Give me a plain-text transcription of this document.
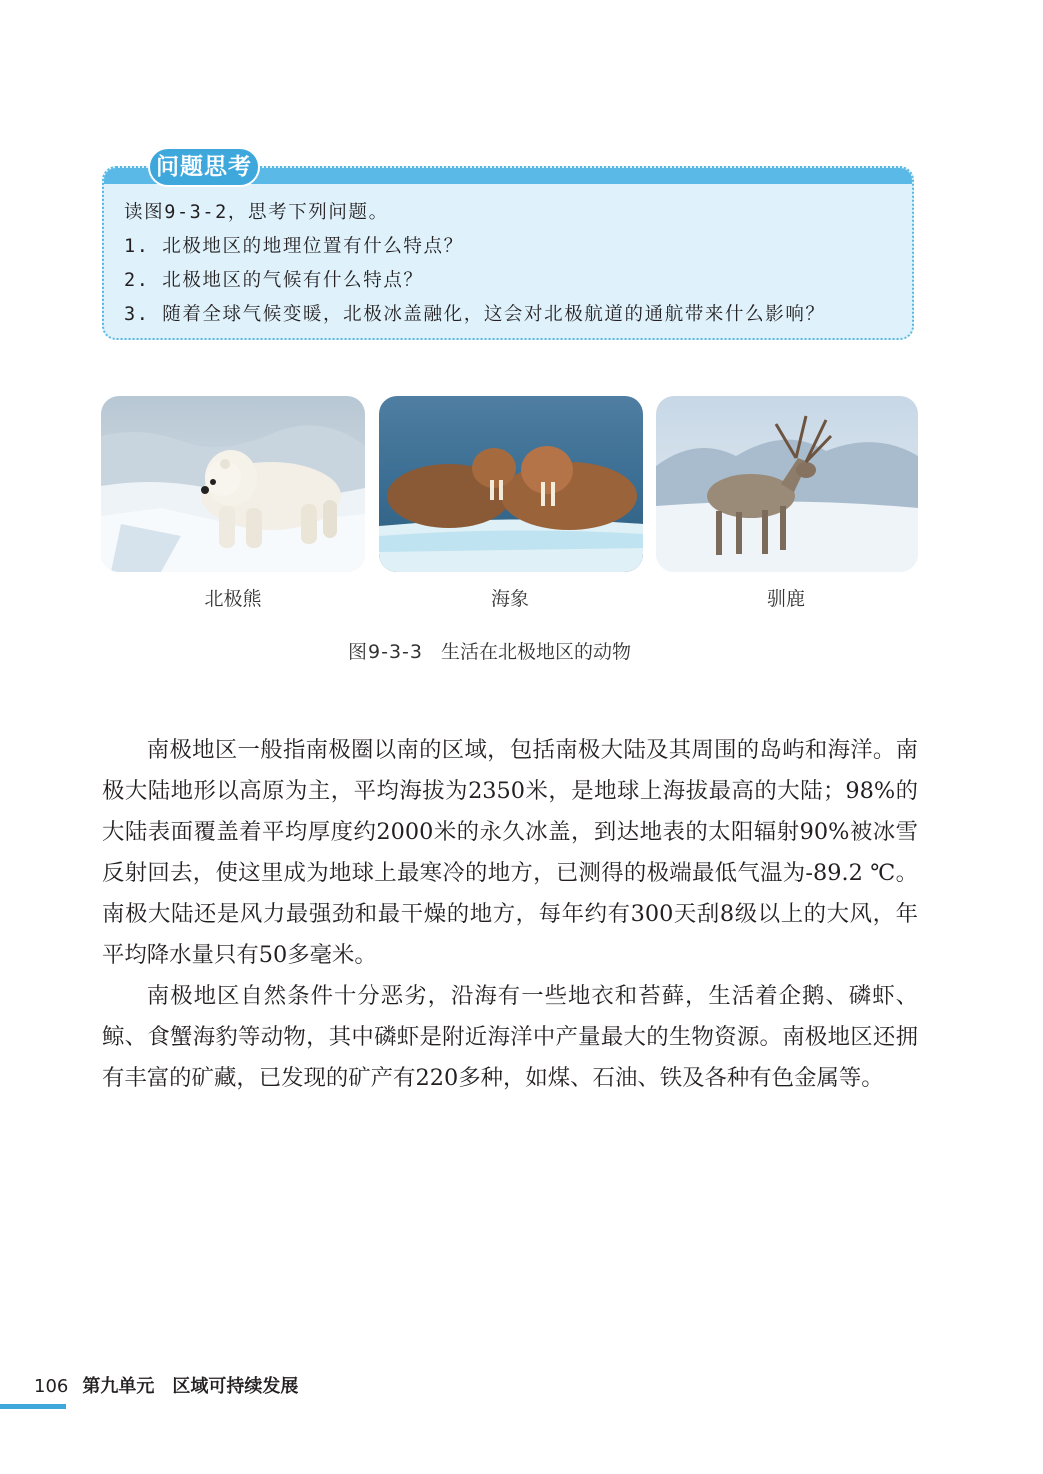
问题思考
读图9-3-2，思考下列问题。
1. 北极地区的地理位置有什么特点？
2. 北极地区的气候有什么特点？
3. 随着全球气候变暖，北极冰盖融化，这会对北极航道的通航带来什么影响？
北极熊	海象	驯鹿
图9-3-3 生活在北极地区的动物

南极地区一般指南极圈以南的区域，包括南极大陆及其周围的岛屿和海洋。南极大陆地形以高原为主，平均海拔为2350米，是地球上海拔最高的大陆；98%的大陆表面覆盖着平均厚度约2000米的永久冰盖，到达地表的太阳辐射90%被冰雪反射回去，使这里成为地球上最寒冷的地方，已测得的极端最低气温为-89.2 ℃。南极大陆还是风力最强劲和最干燥的地方，每年约有300天刮8级以上的大风，年平均降水量只有50多毫米。

南极地区自然条件十分恶劣，沿海有一些地衣和苔藓，生活着企鹅、磷虾、鲸、食蟹海豹等动物，其中磷虾是附近海洋中产量最大的生物资源。南极地区还拥有丰富的矿藏，已发现的矿产有220多种，如煤、石油、铁及各种有色金属等。

106 第九单元 区域可持续发展
